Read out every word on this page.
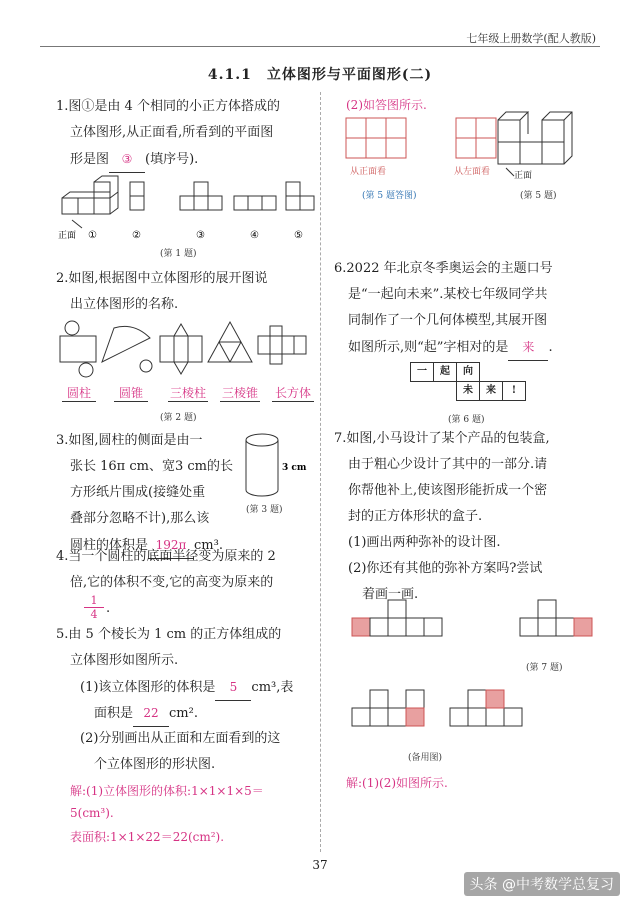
七年级上册数学(配人教版)
4.1.1　立体图形与平面图形(二)
1.图①是由 4 个相同的小正方体搭成的
立体图形,从正面看,所看到的平面图
形是图 ③ (填序号).
正面 ①	②	③	④	⑤
(第 1 题)
2.如图,根据图中立体图形的展开图说
出立体图形的名称.
圆柱	圆锥	三棱柱 三棱锥 长方体
(第 2 题)
3.如图,圆柱的侧面是由一
张长 16π cm、宽3 cm的长
方形纸片围成(接缝处重
叠部分忽略不计),那么该
圆柱的体积是 192π cm³.
3 cm
(第 3 题)
4.当一个圆柱的底面半径变为原来的 2
倍,它的体积不变,它的高变为原来的
$\frac{1}{4}$ .
5.由 5 个棱长为 1 cm 的正方体组成的
立体图形如图所示.
(1)该立体图形的体积是 5 cm³,表
面积是 22 cm².
(2)分别画出从正面和左面看到的这
个立体图形的形状图.
解:(1)立体图形的体积:1×1×1×5＝
5(cm³).
表面积:1×1×22＝22(cm²).
(2)如答图所示.
从正面看	从左面看	正面
(第 5 题答图)	(第 5 题)
6.2022 年北京冬季奥运会的主题口号
是“一起向未来”.某校七年级同学共
同制作了一个几何体模型,其展开图
如图所示,则“起”字相对的是 来 .
一	起	向
未	来	!
(第 6 题)
7.如图,小马设计了某个产品的包装盒,
由于粗心少设计了其中的一部分.请
你帮他补上,使该图形能折成一个密
封的正方体形状的盒子.
(1)画出两种弥补的设计图.
(2)你还有其他的弥补方案吗?尝试
着画一画.
(第 7 题)
(备用图)
解:(1)(2)如图所示.
37
头条 @中考数学总复习
